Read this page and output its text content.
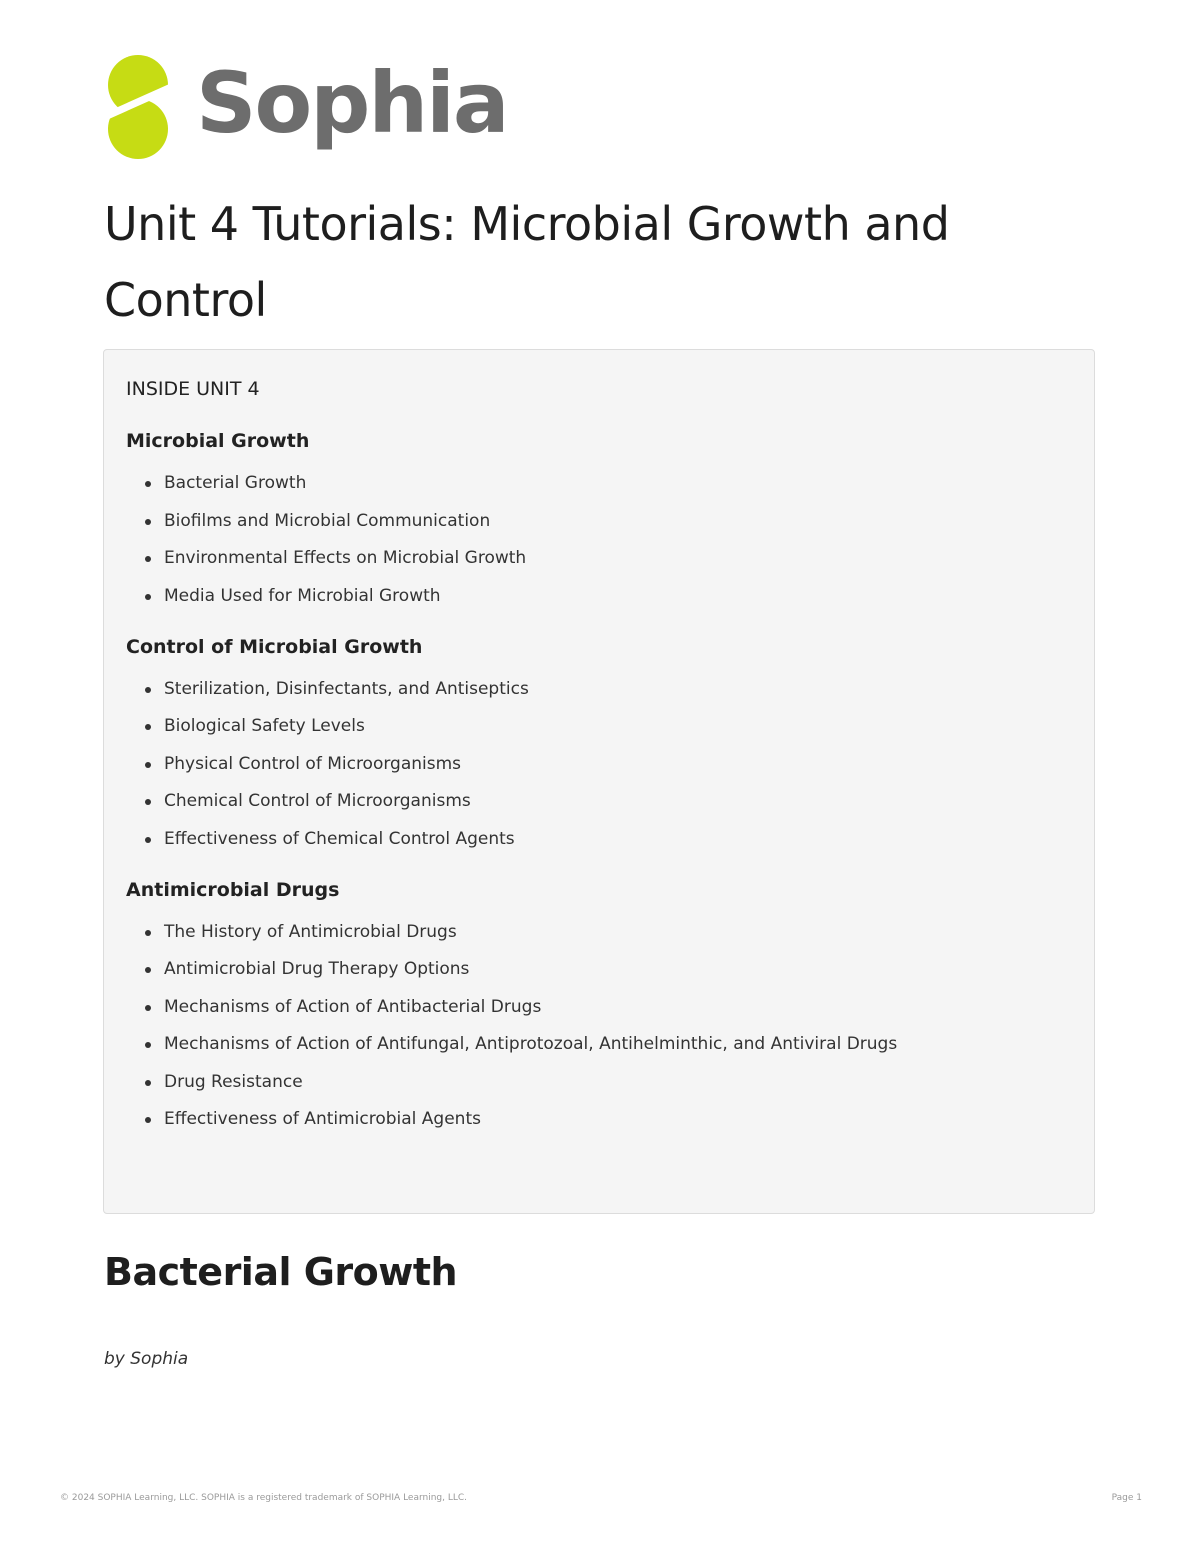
Sophia
Unit 4 Tutorials: Microbial Growth and Control
INSIDE UNIT 4
Microbial Growth
Bacterial Growth
Biofilms and Microbial Communication
Environmental Effects on Microbial Growth
Media Used for Microbial Growth
Control of Microbial Growth
Sterilization, Disinfectants, and Antiseptics
Biological Safety Levels
Physical Control of Microorganisms
Chemical Control of Microorganisms
Effectiveness of Chemical Control Agents
Antimicrobial Drugs
The History of Antimicrobial Drugs
Antimicrobial Drug Therapy Options
Mechanisms of Action of Antibacterial Drugs
Mechanisms of Action of Antifungal, Antiprotozoal, Antihelminthic, and Antiviral Drugs
Drug Resistance
Effectiveness of Antimicrobial Agents
Bacterial Growth
by Sophia
© 2024 SOPHIA Learning, LLC. SOPHIA is a registered trademark of SOPHIA Learning, LLC.	Page 1
